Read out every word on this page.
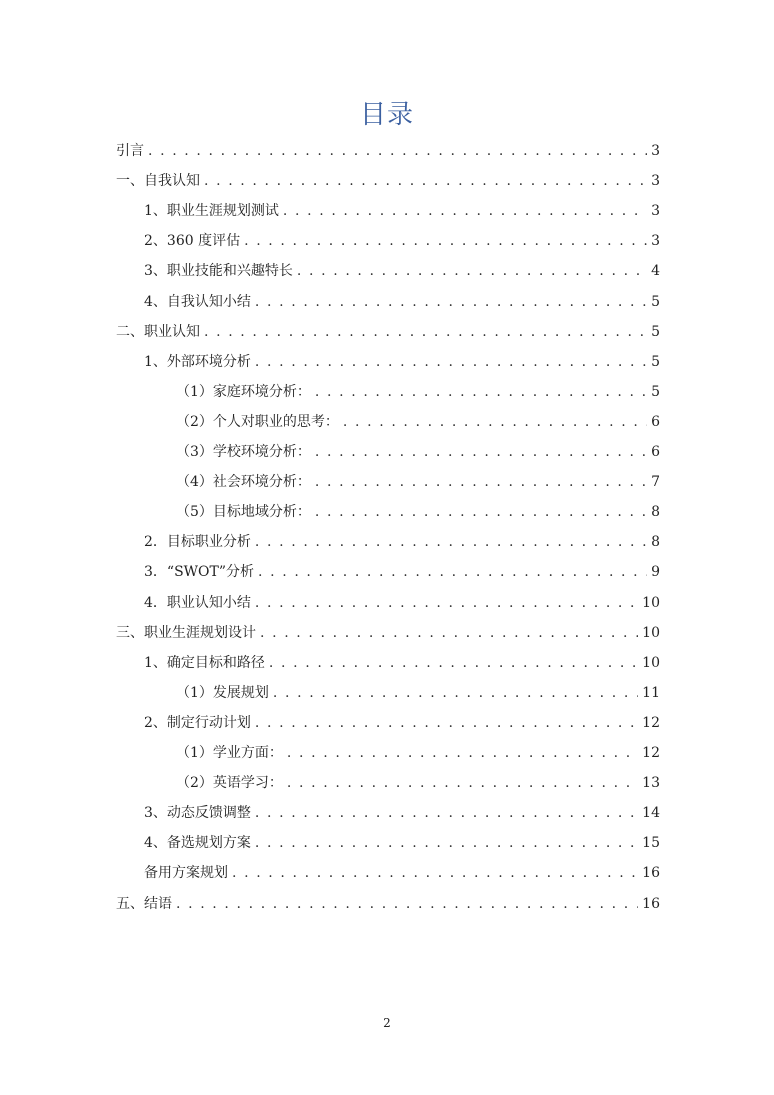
目录
引言 . . .	3
一、自我认知 . . .	3
1、职业生涯规划测试 . . .	3
2、360 度评估 . . .	3
3、职业技能和兴趣特长 . . .	4
4、自我认知小结 . . .	5
二、职业认知 . . .	5
1、外部环境分析 . . .	5
（1）家庭环境分析： . . .	5
（2）个人对职业的思考： . . .	6
（3）学校环境分析： . . .	6
（4）社会环境分析： . . .	7
（5）目标地域分析： . . .	8
2．目标职业分析 . . .	8
3．“SWOT”分析 . . .	9
4．职业认知小结 . . .	10
三、职业生涯规划设计 . . .	10
1、确定目标和路径 . . .	10
（1）发展规划 . . .	11
2、制定行动计划 . . .	12
（1）学业方面： . . .	12
（2）英语学习： . . .	13
3、动态反馈调整 . . .	14
4、备选规划方案 . . .	15
备用方案规划 . . .	16
五、结语 . . .	16
2
